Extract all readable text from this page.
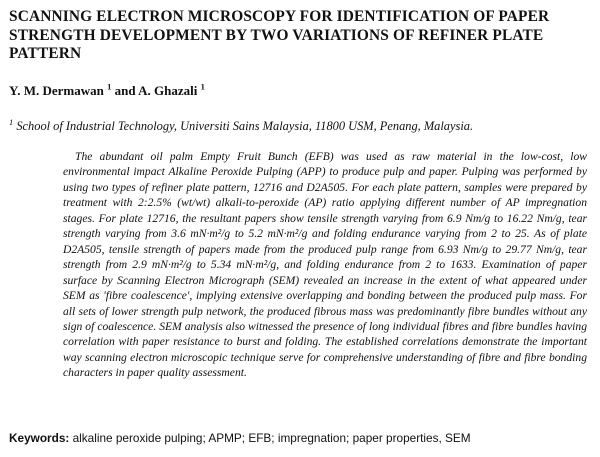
SCANNING ELECTRON MICROSCOPY FOR IDENTIFICATION OF PAPER STRENGTH DEVELOPMENT BY TWO VARIATIONS OF REFINER PLATE PATTERN

Y. M. Dermawan $^1$ and A. Ghazali $^1$

$^1$ School of Industrial Technology, Universiti Sains Malaysia, 11800 USM, Penang, Malaysia.

The abundant oil palm Empty Fruit Bunch (EFB) was used as raw material in the low-cost, low environmental impact Alkaline Peroxide Pulping (APP) to produce pulp and paper. Pulping was performed by using two types of refiner plate pattern, 12716 and D2A505. For each plate pattern, samples were prepared by treatment with 2:2.5% (wt/wt) alkali-to-peroxide (AP) ratio applying different number of AP impregnation stages. For plate 12716, the resultant papers show tensile strength varying from 6.9 Nm/g to 16.22 Nm/g, tear strength varying from 3.6 mN·m²/g to 5.2 mN·m²/g and folding endurance varying from 2 to 25. As of plate D2A505, tensile strength of papers made from the produced pulp range from 6.93 Nm/g to 29.77 Nm/g, tear strength from 2.9 mN·m²/g to 5.34 mN·m²/g, and folding endurance from 2 to 1633. Examination of paper surface by Scanning Electron Micrograph (SEM) revealed an increase in the extent of what appeared under SEM as 'fibre coalescence', implying extensive overlapping and bonding between the produced pulp mass. For all sets of lower strength pulp network, the produced fibrous mass was predominantly fibre bundles without any sign of coalescence. SEM analysis also witnessed the presence of long individual fibres and fibre bundles having correlation with paper resistance to burst and folding. The established correlations demonstrate the important way scanning electron microscopic technique serve for comprehensive understanding of fibre and fibre bonding characters in paper quality assessment.

Keywords: alkaline peroxide pulping; APMP; EFB; impregnation; paper properties, SEM
